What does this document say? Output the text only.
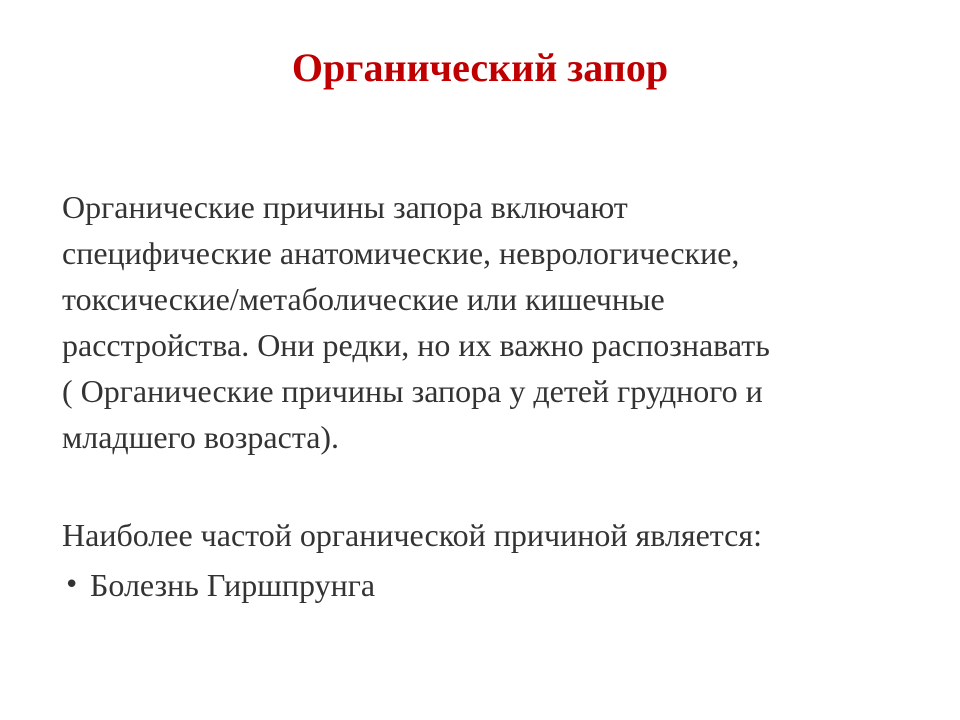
Органический запор
Органические причины запора включают
специфические анатомические, неврологические,
токсические/метаболические или кишечные
расстройства. Они редки, но их важно распознавать
( Органические причины запора у детей грудного и
младшего возраста).
Наиболее частой органической причиной является:
• Болезнь Гиршпрунга
